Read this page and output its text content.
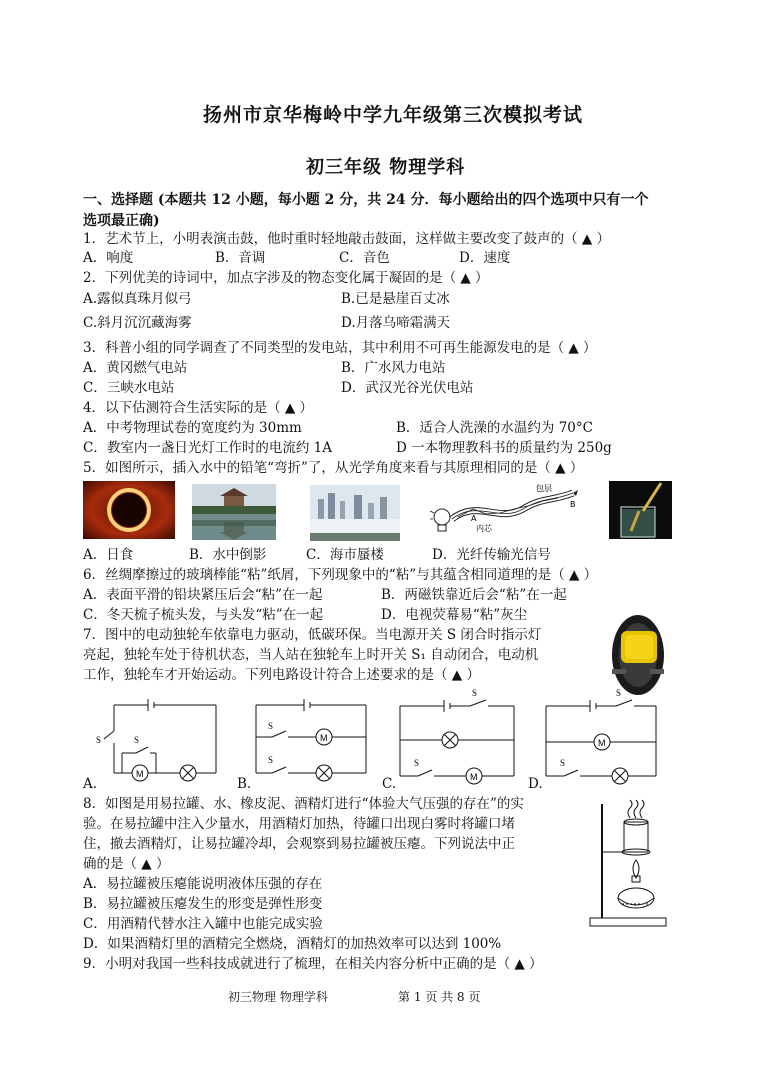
扬州市京华梅岭中学九年级第三次模拟考试
初三年级 物理学科
一、选择题 (本题共 12 小题，每小题 2 分，共 24 分．每小题给出的四个选项中只有一个
选项最正确)
1．艺术节上，小明表演击鼓，他时重时轻地敲击鼓面，这样做主要改变了鼓声的（ ▲ ）
A．响度	B．音调	C．音色	D．速度
2．下列优美的诗词中，加点字涉及的物态变化属于凝固的是（ ▲ ）
A.露似真珠月似弓	B.已是悬崖百丈冰
C.斜月沉沉藏海雾	D.月落乌啼霜满天
3．科普小组的同学调查了不同类型的发电站，其中利用不可再生能源发电的是（ ▲ ）
A．黄冈燃气电站	B．广水风力电站
C．三峡水电站	D．武汉光谷光伏电站
4．以下估测符合生活实际的是（ ▲ ）
A．中考物理试卷的宽度约为 30mm	B．适合人洗澡的水温约为 70°C
C．教室内一盏日光灯工作时的电流约 1A	D 一本物理教科书的质量约为 250g
5．如图所示，插入水中的铅笔“弯折”了，从光学角度来看与其原理相同的是（ ▲ ）
包层
A
B
内芯
A．日食	B．水中倒影	C．海市蜃楼	D．光纤传输光信号
6．丝绸摩擦过的玻璃棒能“粘”纸屑，下列现象中的“粘”与其蕴含相同道理的是（ ▲ ）
A．表面平滑的铅块紧压后会“粘”在一起	B．两磁铁靠近后会“粘”在一起
C．冬天梳子梳头发，与头发“粘”在一起	D．电视荧幕易“粘”灰尘
7．图中的电动独轮车依靠电力驱动，低碳环保。当电源开关 S 闭合时指示灯
亮起，独轮车处于待机状态，当人站在独轮车上时开关 S₁ 自动闭合，电动机
工作，独轮车才开始运动。下列电路设计符合上述要求的是（ ▲ ）
S	S
M
A.
S
S
M
B.
S
S
M
C.
S
S
M
D.
8．如图是用易拉罐、水、橡皮泥、酒精灯进行“体验大气压强的存在”的实
验。在易拉罐中注入少量水，用酒精灯加热，待罐口出现白雾时将罐口堵
住，撤去酒精灯，让易拉罐冷却，会观察到易拉罐被压瘪。下列说法中正
确的是（ ▲ ）
A．易拉罐被压瘪能说明液体压强的存在
B．易拉罐被压瘪发生的形变是弹性形变
C．用酒精代替水注入罐中也能完成实验
D．如果酒精灯里的酒精完全燃烧，酒精灯的加热效率可以达到 100%
9．小明对我国一些科技成就进行了梳理，在相关内容分析中正确的是（ ▲ ）
初三物理 物理学科	第 1 页 共 8 页
